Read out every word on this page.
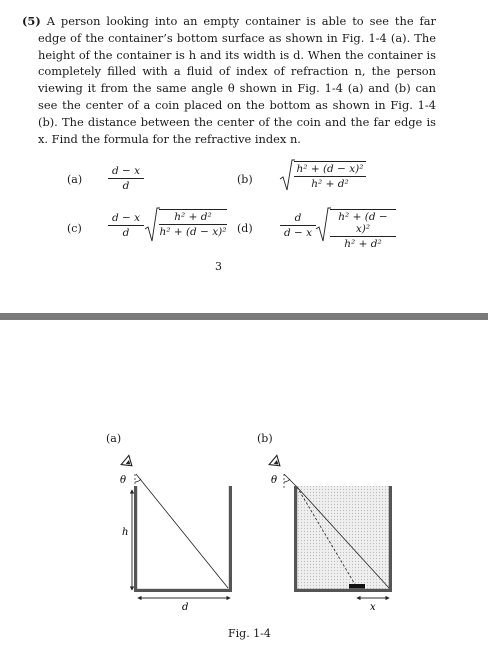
(5) A person looking into an empty container is able to see the far edge of the container’s bottom surface as shown in Fig. 1-4 (a). The height of the container is h and its width is d. When the container is completely filled with a fluid of index of refraction n, the person viewing it from the same angle θ shown in Fig. 1-4 (a) and (b) can see the center of a coin placed on the bottom as shown in Fig. 1-4 (b). The distance between the center of the coin and the far edge is x. Find the formula for the refractive index n.
(a)
d − x
d	(b)
h² + (d − x)²
h² + d²
(c)
d − x
d
h² + d²
h² + (d − x)² (d)
d
d − x
h² + (d − x)²
h² + d²
3
(a)	(b)
θ
h
d
θ
x
Fig. 1-4
